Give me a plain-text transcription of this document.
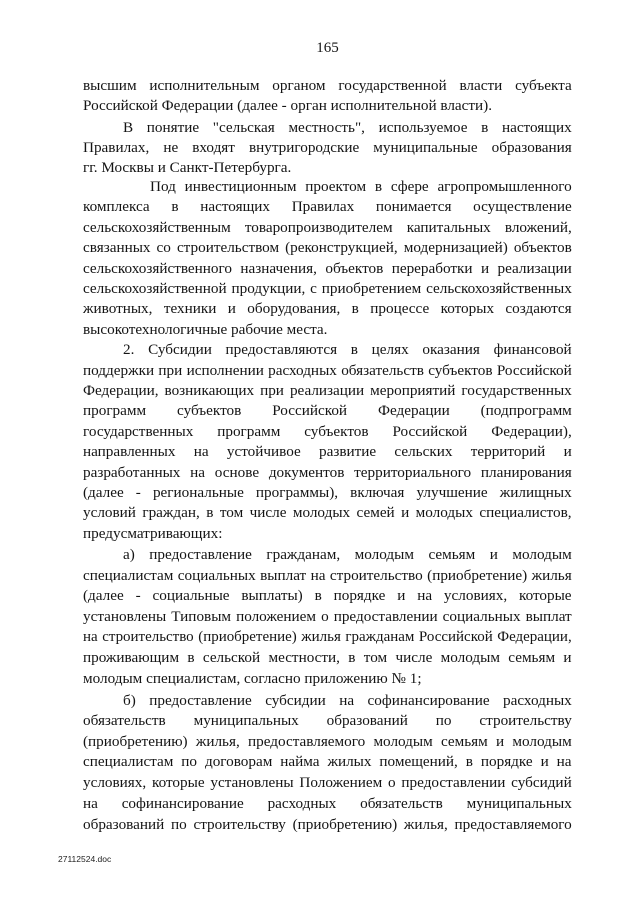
165
высшим исполнительным органом государственной власти субъекта
Российской Федерации (далее - орган исполнительной власти).
В понятие "сельская местность", используемое в настоящих
Правилах, не входят внутригородские муниципальные образования
гг. Москвы и Санкт-Петербурга.
Под инвестиционным проектом в сфере агропромышленного
комплекса в настоящих Правилах понимается осуществление
сельскохозяйственным товаропроизводителем капитальных вложений,
связанных со строительством (реконструкцией, модернизацией) объектов
сельскохозяйственного назначения, объектов переработки и реализации
сельскохозяйственной продукции, с приобретением сельскохозяйственных
животных, техники и оборудования, в процессе которых создаются
высокотехнологичные рабочие места.
2. Субсидии предоставляются в целях оказания финансовой
поддержки при исполнении расходных обязательств субъектов Российской
Федерации, возникающих при реализации мероприятий государственных
программ субъектов Российской Федерации (подпрограмм
государственных программ субъектов Российской Федерации),
направленных на устойчивое развитие сельских территорий и
разработанных на основе документов территориального планирования
(далее - региональные программы), включая улучшение жилищных
условий граждан, в том числе молодых семей и молодых специалистов,
предусматривающих:
а) предоставление гражданам, молодым семьям и молодым
специалистам социальных выплат на строительство (приобретение) жилья
(далее - социальные выплаты) в порядке и на условиях, которые
установлены Типовым положением о предоставлении социальных выплат
на строительство (приобретение) жилья гражданам Российской Федерации,
проживающим в сельской местности, в том числе молодым семьям и
молодым специалистам, согласно приложению № 1;
б) предоставление субсидии на софинансирование расходных
обязательств муниципальных образований по строительству
(приобретению) жилья, предоставляемого молодым семьям и молодым
специалистам по договорам найма жилых помещений, в порядке и на
условиях, которые установлены Положением о предоставлении субсидий
на софинансирование расходных обязательств муниципальных
образований по строительству (приобретению) жилья, предоставляемого
27112524.doc
